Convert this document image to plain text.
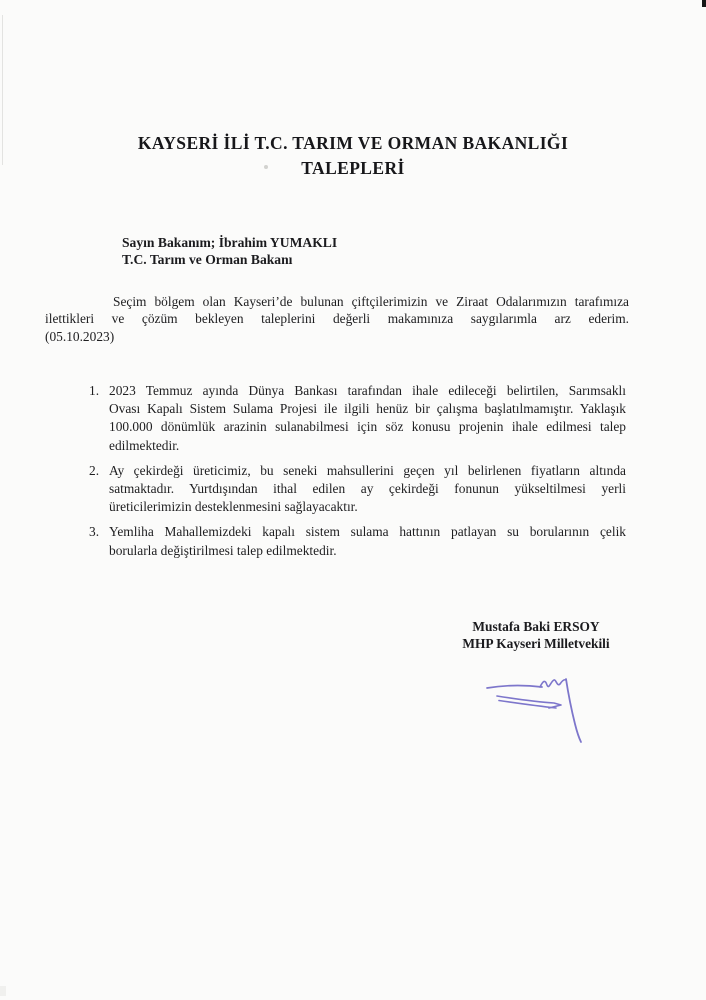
KAYSERİ İLİ T.C. TARIM VE ORMAN BAKANLIĞI
TALEPLERİ
Sayın Bakanım; İbrahim YUMAKLI
T.C. Tarım ve Orman Bakanı
Seçim bölgem olan Kayseri’de bulunan çiftçilerimizin ve Ziraat Odalarımızın tarafımıza
ilettikleri ve çözüm bekleyen taleplerini değerli makamınıza saygılarımla arz ederim.
(05.10.2023)
1. 2023 Temmuz ayında Dünya Bankası tarafından ihale edileceği belirtilen, Sarımsaklı
Ovası Kapalı Sistem Sulama Projesi ile ilgili henüz bir çalışma başlatılmamıştır. Yaklaşık
100.000 dönümlük arazinin sulanabilmesi için söz konusu projenin ihale edilmesi talep
edilmektedir.
2. Ay çekirdeği üreticimiz, bu seneki mahsullerini geçen yıl belirlenen fiyatların altında
satmaktadır. Yurtdışından ithal edilen ay çekirdeği fonunun yükseltilmesi yerli
üreticilerimizin desteklenmesini sağlayacaktır.
3. Yemliha Mahallemizdeki kapalı sistem sulama hattının patlayan su borularının çelik
borularla değiştirilmesi talep edilmektedir.
Mustafa Baki ERSOY
MHP Kayseri Milletvekili
